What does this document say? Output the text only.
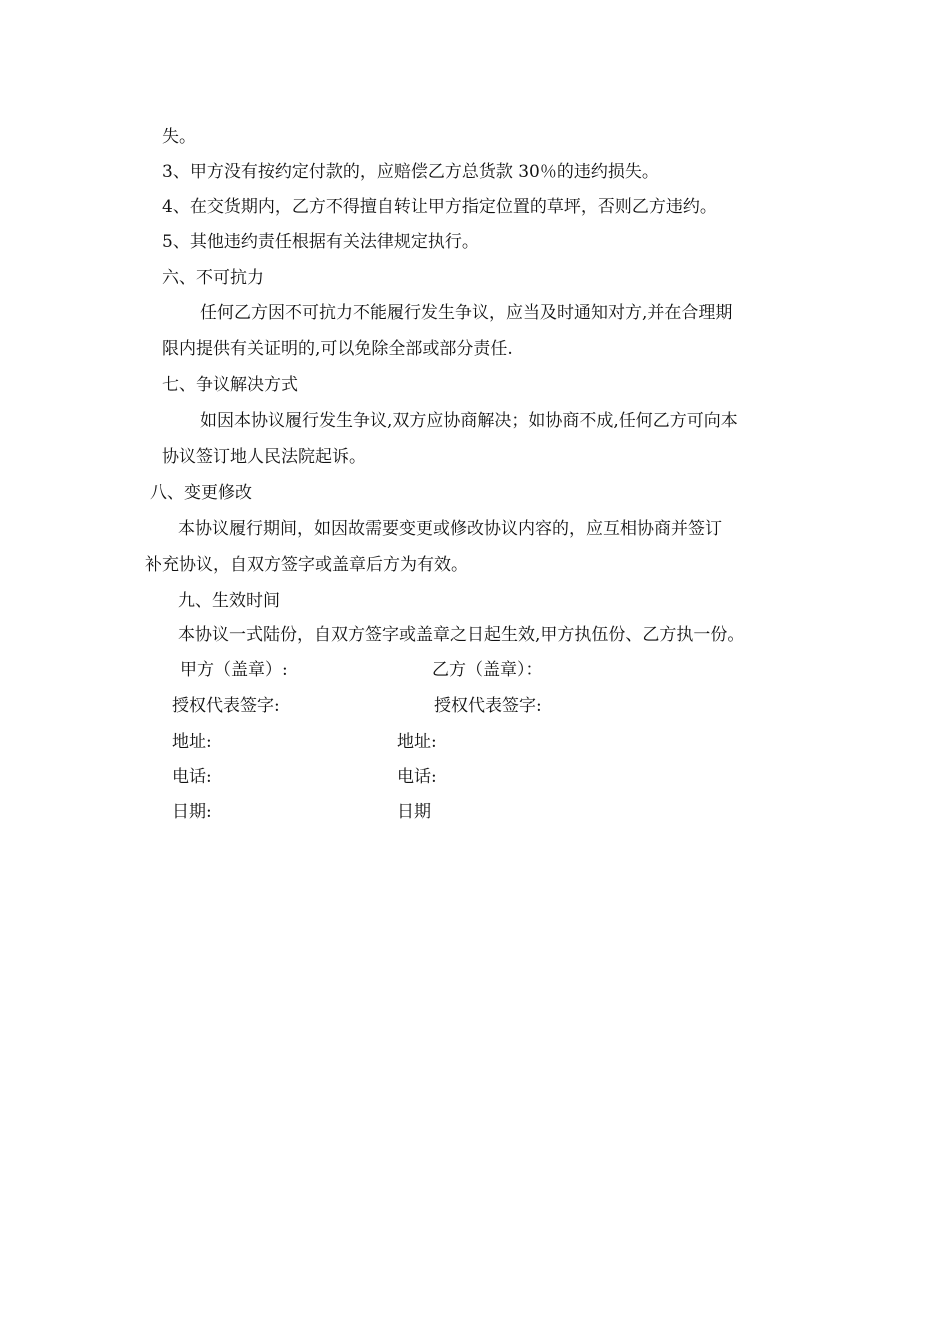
失。
3、甲方没有按约定付款的，应赔偿乙方总货款 30％的违约损失。
4、在交货期内，乙方不得擅自转让甲方指定位置的草坪，否则乙方违约。
5、其他违约责任根据有关法律规定执行。
六、不可抗力
任何乙方因不可抗力不能履行发生争议，应当及时通知对方,并在合理期
限内提供有关证明的,可以免除全部或部分责任.
七、争议解决方式
如因本协议履行发生争议,双方应协商解决；如协商不成,任何乙方可向本
协议签订地人民法院起诉。
八、变更修改
本协议履行期间，如因故需要变更或修改协议内容的，应互相协商并签订
补充协议，自双方签字或盖章后方为有效。
九、生效时间
本协议一式陆份，自双方签字或盖章之日起生效,甲方执伍份、乙方执一份。
甲方（盖章）:	乙方（盖章）：
授权代表签字:	授权代表签字:
地址:	地址:
电话:	电话:
日期:	日期
